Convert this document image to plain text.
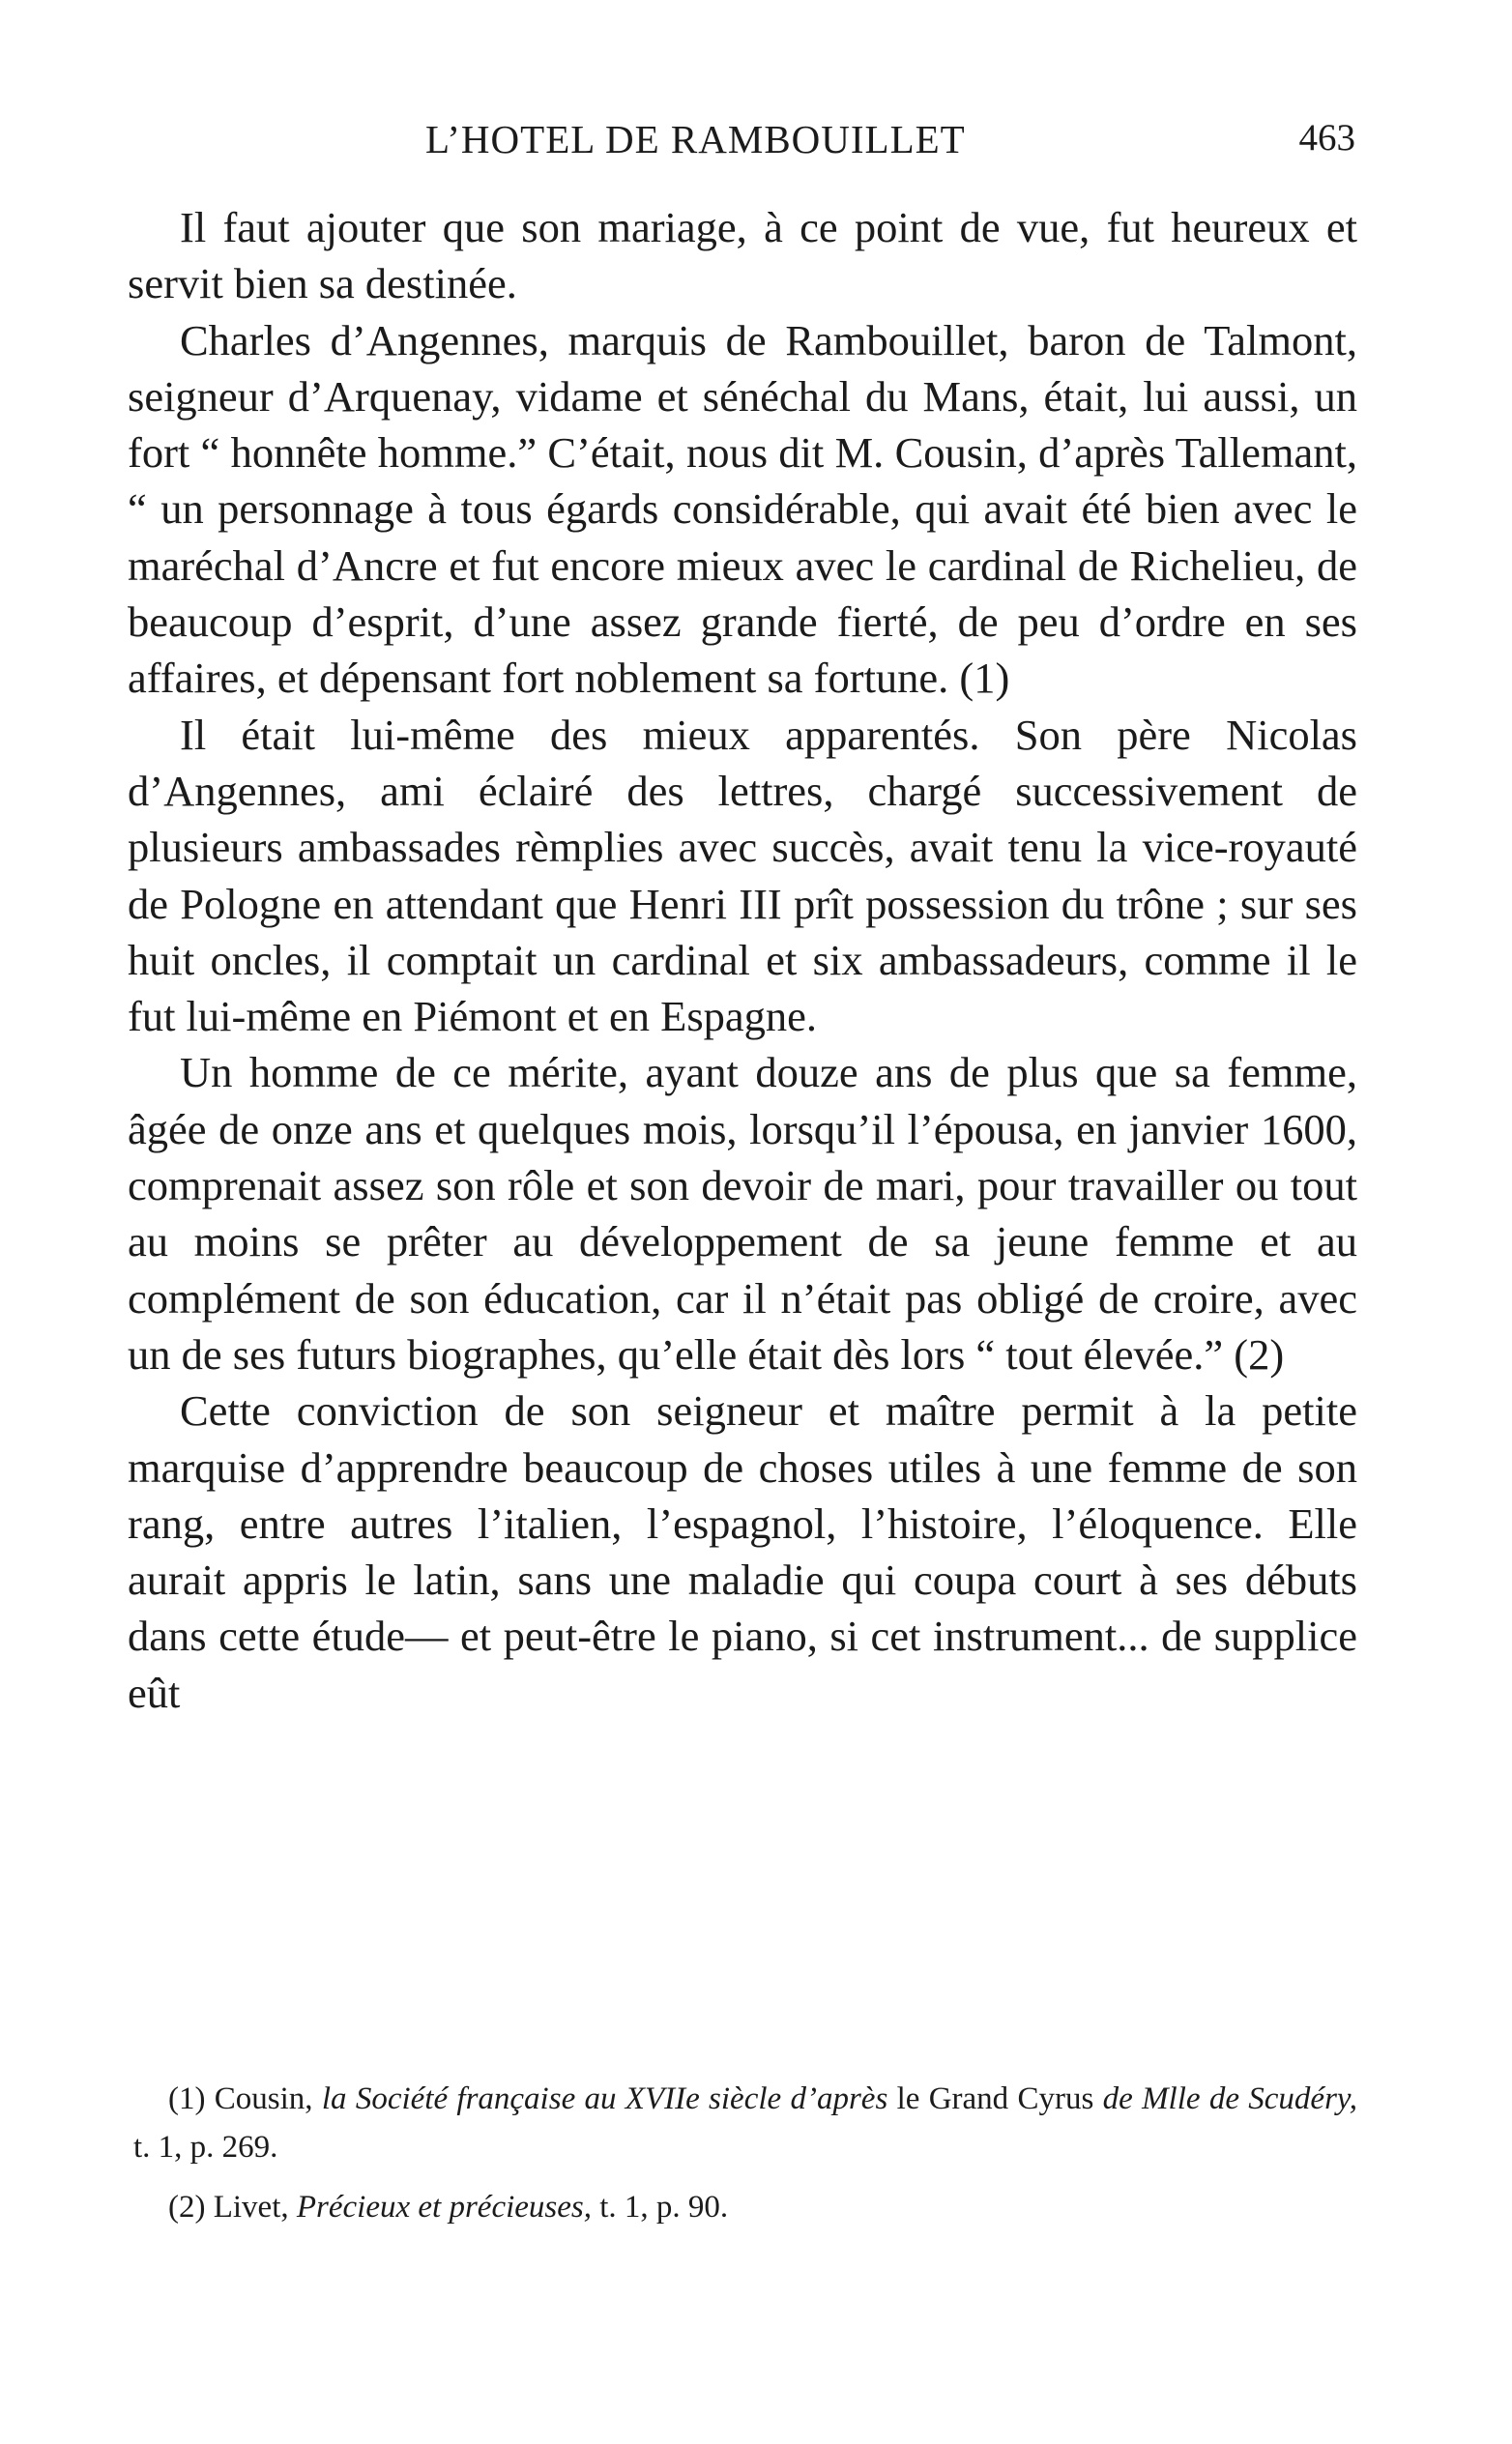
L’HOTEL DE RAMBOUILLET	463

Il faut ajouter que son mariage, à ce point de vue, fut heureux et servit bien sa destinée.

Charles d’Angennes, marquis de Rambouillet, baron de Talmont, seigneur d’Arquenay, vidame et sénéchal du Mans, était, lui aussi, un fort “ honnête homme.” C’était, nous dit M. Cousin, d’après Tallemant, “ un personnage à tous égards considérable, qui avait été bien avec le maréchal d’Ancre et fut encore mieux avec le cardinal de Richelieu, de beaucoup d’esprit, d’une assez grande fierté, de peu d’ordre en ses affaires, et dépensant fort noblement sa fortune. (1)

Il était lui-même des mieux apparentés. Son père Nicolas d’Angennes, ami éclairé des lettres, chargé successivement de plusieurs ambassades rèmplies avec succès, avait tenu la vice-royauté de Pologne en attendant que Henri III prît possession du trône ; sur ses huit oncles, il comptait un cardinal et six ambassadeurs, comme il le fut lui-même en Piémont et en Espagne.

Un homme de ce mérite, ayant douze ans de plus que sa femme, âgée de onze ans et quelques mois, lorsqu’il l’épousa, en janvier 1600, comprenait assez son rôle et son devoir de mari, pour travailler ou tout au moins se prêter au développement de sa jeune femme et au complément de son éducation, car il n’était pas obligé de croire, avec un de ses futurs biographes, qu’elle était dès lors “ tout élevée.” (2)

Cette conviction de son seigneur et maître permit à la petite marquise d’apprendre beaucoup de choses utiles à une femme de son rang, entre autres l’italien, l’espagnol, l’histoire, l’éloquence. Elle aurait appris le latin, sans une maladie qui coupa court à ses débuts dans cette étude— et peut-être le piano, si cet instrument... de supplice eût

(1) Cousin, la Société française au XVIIe siècle d’après le Grand Cyrus de Mlle de Scudéry, t. 1, p. 269.

(2) Livet, Précieux et précieuses, t. 1, p. 90.
